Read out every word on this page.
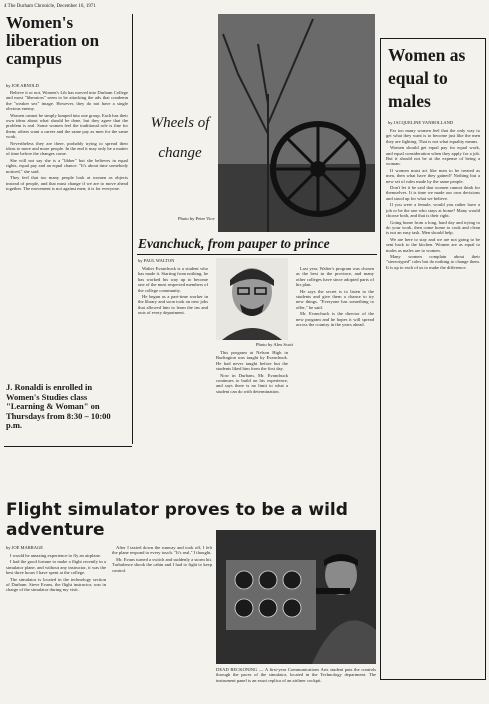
4 The Durham Chronicle, December 16, 1971
Women's liberation on campus
by JOE ARNOLD

Believe it or not, Women's Lib has moved into Durham College and most "liberators" seem to be attacking the ads that condemn the "weaker sex" image. However, they do not have a single obvious enemy.

Women cannot be simply lumped into one group. Each has their own ideas about what should be done, but they agree that the problem is real. Some women feel the traditional role is fine for them; others want a career and the same pay as men for the same work.

Nevertheless they are there, probably trying to spread their ideas to more and more people. In the end it may only be a matter of time before the changes come.

She will not say she is a "libber" but she believes in equal rights, equal pay and an equal chance. "It's about time somebody noticed," she said.

They feel that too many people look at women as objects instead of people, and that must change if we are to move ahead together. The movement is not against men; it is for everyone.

J. Ronaldi is enrolled in Women's Studies class "Learning & Woman" on Thursdays from 8:30 – 10:00 p.m.
Wheels of change
Photo by Peter Vice
Women as equal to males
by JACQUELINE VANHOLLAND

Far too many women feel that the only way to get what they want is to become just like the men they are fighting. That is not what equality means.

Women should get equal pay for equal work, and equal consideration when they apply for a job. But it should not be at the expense of being a woman.

If women must act like men to be treated as men, then what have they gained? Nothing but a new set of rules made by the same people.

Don't let it be said that women cannot think for themselves. It is time we made our own decisions and stood up for what we believe.

If you were a female, would you rather have a job or be the one who stays at home? Many would choose both, and that is their right.

Going home from a long, hard day and trying to do your work, then come home to cook and clean is not an easy task. Men should help.

We are here to stay and we are not going to be sent back to the kitchen. Women are as equal to males as males are to women.

Many women complain about their "stereotyped" roles but do nothing to change them. It is up to each of us to make the difference.

Evanchuck, from pauper to prince
by PAUL WALTON

Walter Evanchuck is a student who has made it. Starting from nothing, he has worked his way up to become one of the most respected members of the college community.

He began as a part-time worker in the library and soon took on new jobs that allowed him to learn the ins and outs of every department.

Photo by Alex Scott

This program at Nelson High in Burlington was taught by Evanchuck. He had never taught before but the students liked him from the first day.

Now in Durham, Mr. Evanchuck continues to build on his experience, and says there is no limit to what a student can do with determination.

Last year, Walter's program was chosen as the best in the province, and many other colleges have since adopted parts of his plan.

He says the secret is to listen to the students and give them a chance to try new things. "Everyone has something to offer," he said.

Mr. Evanchuck is the director of the new program and he hopes it will spread across the country in the years ahead.

Flight simulator proves to be a wild adventure
by JOE MARRAGE

I would be amazing experience to fly an airplane.

I had the good fortune to make a flight recently in a simulator plane, and without any instructor, it was the best three hours I have spent at the college.

The simulator is located in the technology section of Durham. Steve Evans, the flight instructor, was in charge of the simulator during my visit.

After I taxied down the runway and took off, I felt the plane respond to every touch. "It's real," I thought.

Mr. Evans turned a switch and suddenly a storm hit. Turbulence shook the cabin and I had to fight to keep control.

DEAD RECKONING — A first-year Communications Arts student puts the controls through the paces of the simulator, located in the Technology department. The instrument panel is an exact replica of an airliner cockpit.
